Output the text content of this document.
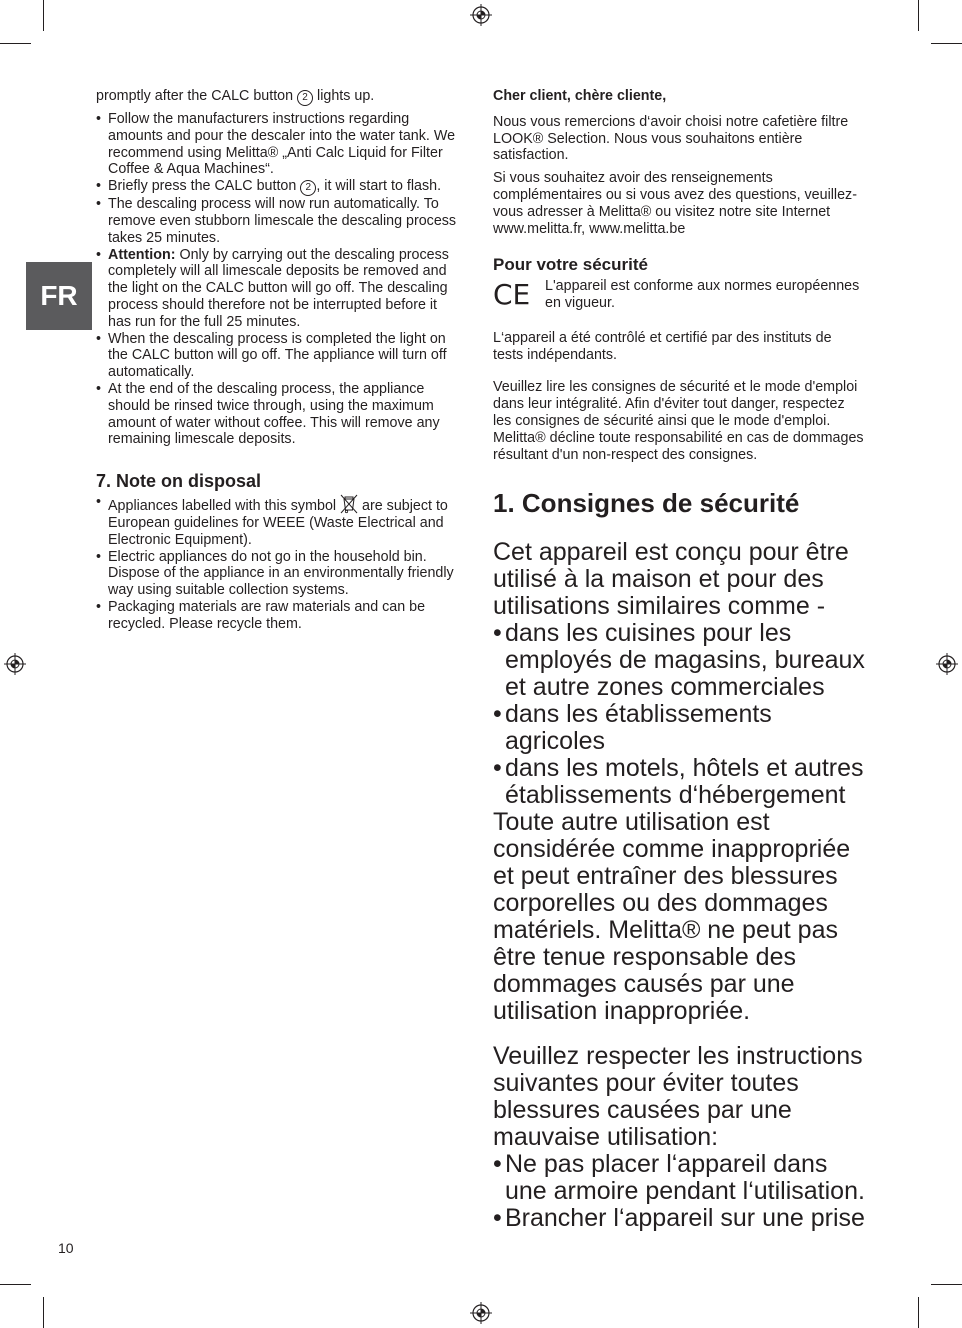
FR

promptly after the CALC button 2 lights up.

• Follow the manufacturers instructions regarding amounts and pour the descaler into the water tank. We recommend using Melitta® „Anti Calc Liquid for Filter Coffee & Aqua Machines“.
• Briefly press the CALC button 2 , it will start to flash.
• The descaling process will now run automatically. To remove even stubborn limescale the descaling process takes 25 minutes.
• Attention: Only by carrying out the descaling process completely will all limescale deposits be removed and the light on the CALC button will go off. The descaling process should therefore not be interrupted before it has run for the full 25 minutes.
• When the descaling process is completed the light on the CALC button will go off. The appliance will turn off automatically.
• At the end of the descaling process, the appliance should be rinsed twice through, using the maximum amount of water without coffee. This will remove any remaining limescale deposits.
7. Note on disposal
• Appliances labelled with this symbol are subject to European guidelines for WEEE (Waste Electrical and Electronic Equipment).
• Electric appliances do not go in the household bin. Dispose of the appliance in an environmentally friendly way using suitable collection systems.
• Packaging materials are raw materials and can be recycled. Please recycle them.

Cher client, chère cliente,

Nous vous remercions d‘avoir choisi notre cafetière filtre LOOK® Selection. Nous vous souhaitons entière satisfaction.

Si vous souhaitez avoir des renseignements complémentaires ou si vous avez des questions, veuillez-vous adresser à Melitta® ou visitez notre site Internet www.melitta.fr, www.melitta.be

Pour votre sécurité
CE L'appareil est conforme aux normes européennes en vigueur.

L‘appareil a été contrôlé et certifié par des instituts de tests indépendants.

Veuillez lire les consignes de sécurité et le mode d'emploi dans leur intégralité. Afin d'éviter tout danger, respectez les consignes de sécurité ainsi que le mode d'emploi. Melitta® décline toute responsabilité en cas de dommages résultant d'un non-respect des consignes.

1. Consignes de sécurité

Cet appareil est conçu pour être utilisé à la maison et pour des utilisations similaires comme -

• dans les cuisines pour les employés de magasins, bureaux et autre zones commerciales
• dans les établissements agricoles
• dans les motels, hôtels et autres établissements d‘hébergement

Toute autre utilisation est considérée comme inappropriée et peut entraîner des blessures corporelles ou des dommages matériels. Melitta® ne peut pas être tenue responsable des dommages causés par une utilisation inappropriée.

Veuillez respecter les instructions suivantes pour éviter toutes blessures causées par une mauvaise utilisation:

• Ne pas placer l‘appareil dans une armoire pendant l‘utilisation.
• Brancher l‘appareil sur une prise
10
